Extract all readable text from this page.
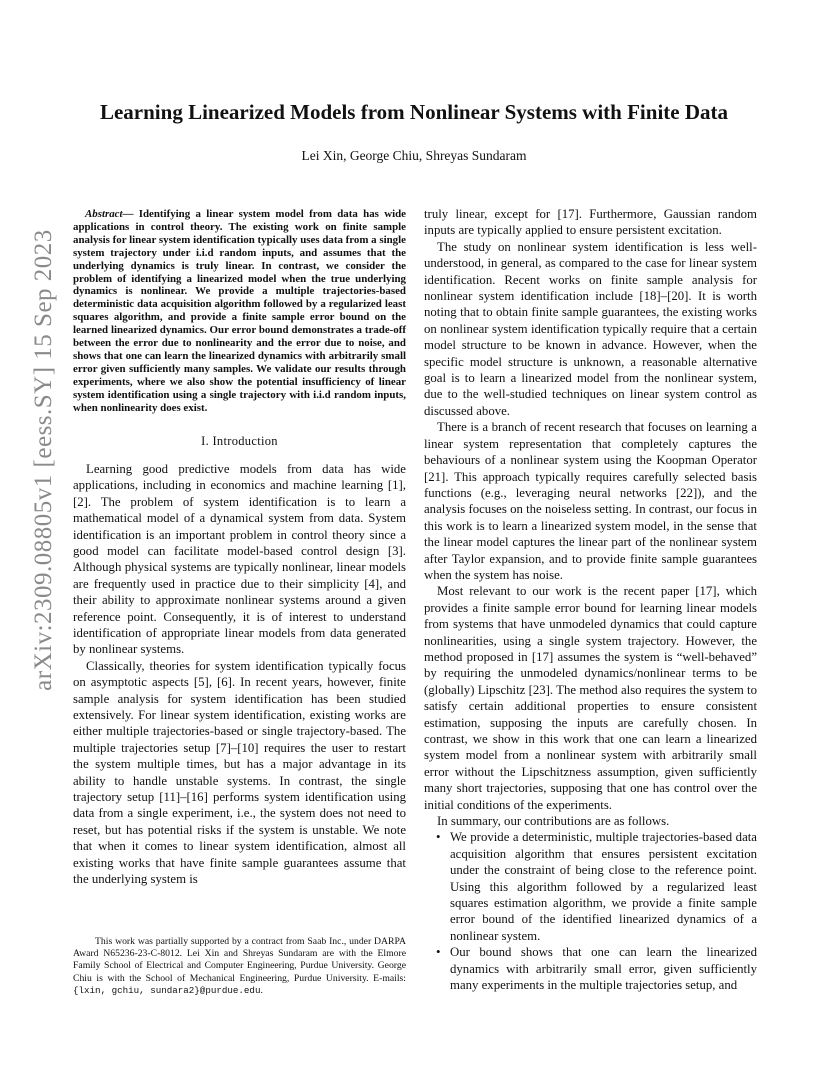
arXiv:2309.08805v1 [eess.SY] 15 Sep 2023
Learning Linearized Models from Nonlinear Systems with Finite Data
Lei Xin, George Chiu, Shreyas Sundaram

Abstract— Identifying a linear system model from data has wide applications in control theory. The existing work on finite sample analysis for linear system identification typically uses data from a single system trajectory under i.i.d random inputs, and assumes that the underlying dynamics is truly linear. In contrast, we consider the problem of identifying a linearized model when the true underlying dynamics is nonlinear. We provide a multiple trajectories-based deterministic data acquisition algorithm followed by a regularized least squares algorithm, and provide a finite sample error bound on the learned linearized dynamics. Our error bound demonstrates a trade-off between the error due to nonlinearity and the error due to noise, and shows that one can learn the linearized dynamics with arbitrarily small error given sufficiently many samples. We validate our results through experiments, where we also show the potential insufficiency of linear system identification using a single trajectory with i.i.d random inputs, when nonlinearity does exist.

I. Introduction

Learning good predictive models from data has wide applications, including in economics and machine learning [1], [2]. The problem of system identification is to learn a mathematical model of a dynamical system from data. System identification is an important problem in control theory since a good model can facilitate model-based control design [3]. Although physical systems are typically nonlinear, linear models are frequently used in practice due to their simplicity [4], and their ability to approximate nonlinear systems around a given reference point. Consequently, it is of interest to understand identification of appropriate linear models from data generated by nonlinear systems.

Classically, theories for system identification typically focus on asymptotic aspects [5], [6]. In recent years, however, finite sample analysis for system identification has been studied extensively. For linear system identification, existing works are either multiple trajectories-based or single trajectory-based. The multiple trajectories setup [7]–[10] requires the user to restart the system multiple times, but has a major advantage in its ability to handle unstable systems. In contrast, the single trajectory setup [11]–[16] performs system identification using data from a single experiment, i.e., the system does not need to reset, but has potential risks if the system is unstable. We note that when it comes to linear system identification, almost all existing works that have finite sample guarantees assume that the underlying system is

This work was partially supported by a contract from Saab Inc., under DARPA Award N65236-23-C-8012. Lei Xin and Shreyas Sundaram are with the Elmore Family School of Electrical and Computer Engineering, Purdue University. George Chiu is with the School of Mechanical Engineering, Purdue University. E-mails: {lxin, gchiu, sundara2}@purdue.edu.

truly linear, except for [17]. Furthermore, Gaussian random inputs are typically applied to ensure persistent excitation.

The study on nonlinear system identification is less well-understood, in general, as compared to the case for linear system identification. Recent works on finite sample analysis for nonlinear system identification include [18]–[20]. It is worth noting that to obtain finite sample guarantees, the existing works on nonlinear system identification typically require that a certain model structure to be known in advance. However, when the specific model structure is unknown, a reasonable alternative goal is to learn a linearized model from the nonlinear system, due to the well-studied techniques on linear system control as discussed above.

There is a branch of recent research that focuses on learning a linear system representation that completely captures the behaviours of a nonlinear system using the Koopman Operator [21]. This approach typically requires carefully selected basis functions (e.g., leveraging neural networks [22]), and the analysis focuses on the noiseless setting. In contrast, our focus in this work is to learn a linearized system model, in the sense that the linear model captures the linear part of the nonlinear system after Taylor expansion, and to provide finite sample guarantees when the system has noise.

Most relevant to our work is the recent paper [17], which provides a finite sample error bound for learning linear models from systems that have unmodeled dynamics that could capture nonlinearities, using a single system trajectory. However, the method proposed in [17] assumes the system is “well-behaved” by requiring the unmodeled dynamics/nonlinear terms to be (globally) Lipschitz [23]. The method also requires the system to satisfy certain additional properties to ensure consistent estimation, supposing the inputs are carefully chosen. In contrast, we show in this work that one can learn a linearized system model from a nonlinear system with arbitrarily small error without the Lipschitzness assumption, given sufficiently many short trajectories, supposing that one has control over the initial conditions of the experiments.

In summary, our contributions are as follows.

• We provide a deterministic, multiple trajectories-based data acquisition algorithm that ensures persistent excitation under the constraint of being close to the reference point. Using this algorithm followed by a regularized least squares estimation algorithm, we provide a finite sample error bound of the identified linearized dynamics of a nonlinear system.
• Our bound shows that one can learn the linearized dynamics with arbitrarily small error, given sufficiently many experiments in the multiple trajectories setup, and
